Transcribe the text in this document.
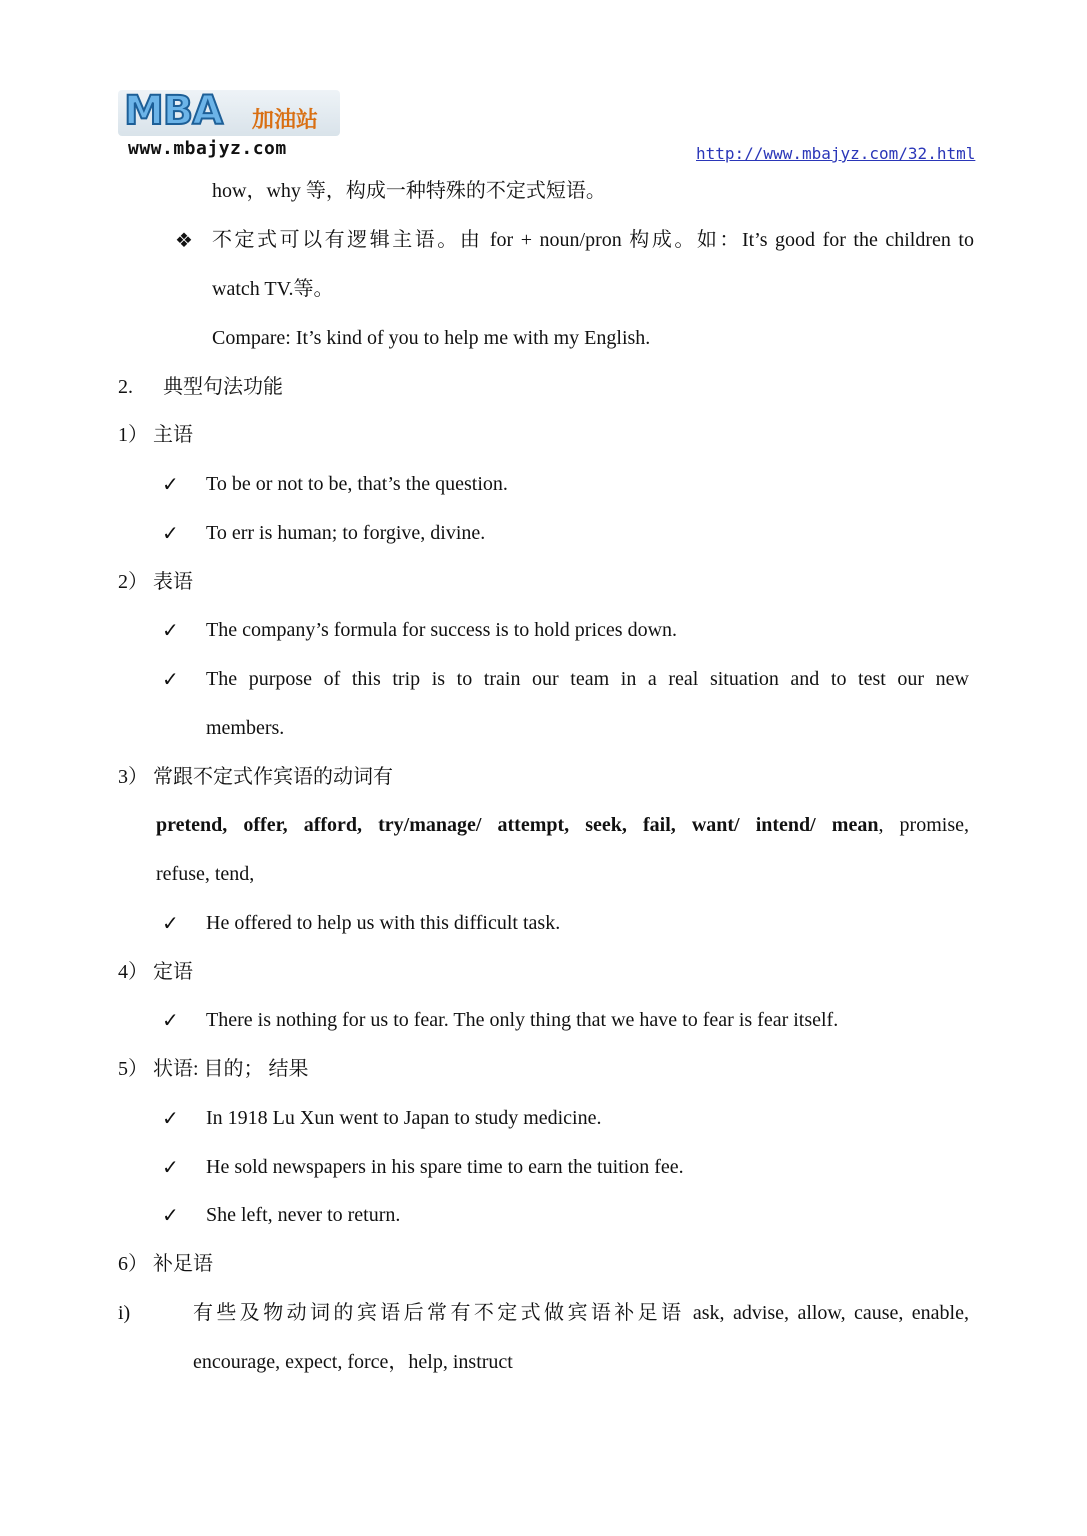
MBA 加油站
www.mbajyz.com	http://www.mbajyz.com/32.html
how，why 等，构成一种特殊的不定式短语。
❖ 不定式可以有逻辑主语。由 for + noun/pron 构成。如：It’s good for the children to
watch TV.等。
Compare: It’s kind of you to help me with my English.
2. 典型句法功能
1） 主语
✓ To be or not to be, that’s the question.
✓ To err is human; to forgive, divine.
2） 表语
✓ The company’s formula for success is to hold prices down.
✓ The purpose of this trip is to train our team in a real situation and to test our new
members.
3） 常跟不定式作宾语的动词有
pretend, offer, afford, try/manage/ attempt, seek, fail, want/ intend/ mean, promise,
refuse, tend,
✓ He offered to help us with this difficult task.
4） 定语
✓ There is nothing for us to fear. The only thing that we have to fear is fear itself.
5） 状语: 目的； 结果
✓ In 1918 Lu Xun went to Japan to study medicine.
✓ He sold newspapers in his spare time to earn the tuition fee.
✓ She left, never to return.
6） 补足语
i)	有些及物动词的宾语后常有不定式做宾语补足语 ask, advise, allow, cause, enable,
encourage, expect, force，help, instruct
